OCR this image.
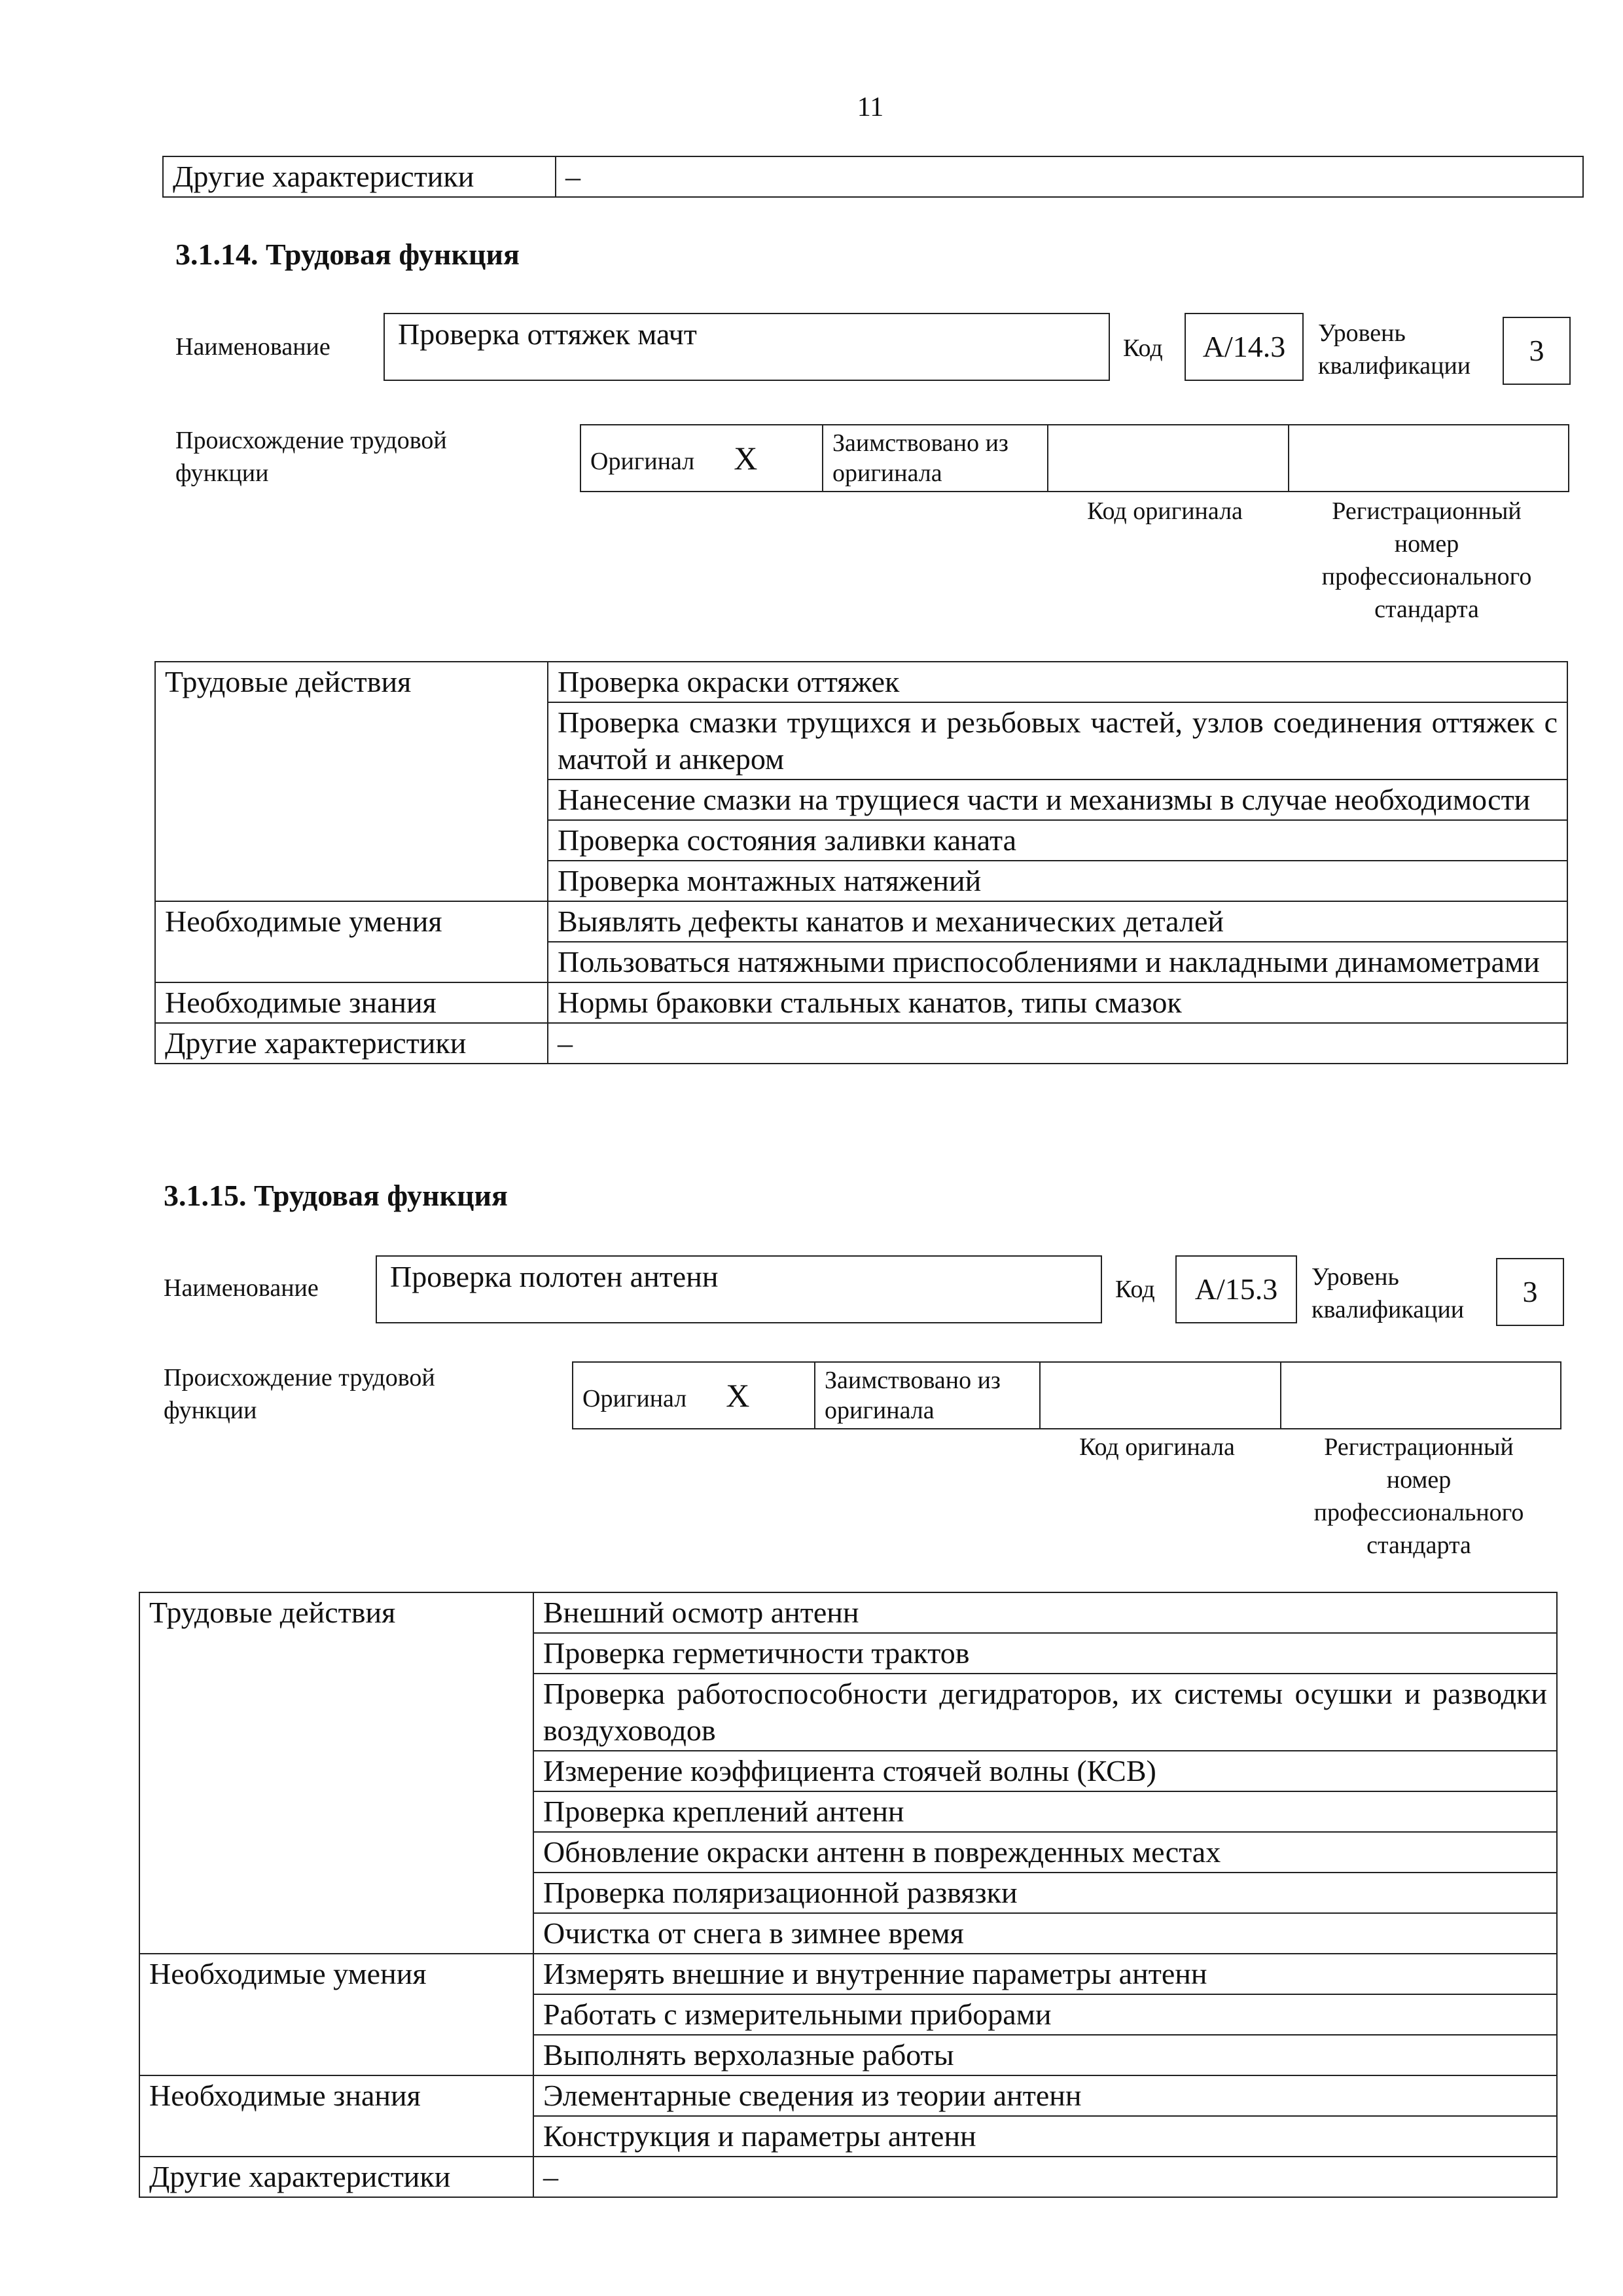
11
Другие характеристики	–
3.1.14. Трудовая функция
Наименование	Проверка оттяжек мачт	Код	А/14.3	Уровень
квалификации	3
Происхождение трудовой
функции	Оригинал X	Заимствовано из
оригинала

Код оригинала	Регистрационный
номер
профессионального
стандарта
Трудовые действия	Проверка окраски оттяжек
	Проверка смазки трущихся и резьбовых частей, узлов соединения оттяжек с мачтой и анкером
	Нанесение смазки на трущиеся части и механизмы в случае необходимости
	Проверка состояния заливки каната
	Проверка монтажных натяжений
Необходимые умения	Выявлять дефекты канатов и механических деталей
	Пользоваться натяжными приспособлениями и накладными динамометрами
Необходимые знания	Нормы браковки стальных канатов, типы смазок
Другие характеристики	–
3.1.15. Трудовая функция
Наименование	Проверка полотен антенн	Код	А/15.3	Уровень
квалификации
3
Происхождение трудовой
функции	Оригинал X	Заимствовано из
оригинала

Код оригинала	Регистрационный
номер
профессионального
стандарта
Трудовые действия	Внешний осмотр антенн
	Проверка герметичности трактов
	Проверка работоспособности дегидраторов, их системы осушки и разводки воздуховодов
	Измерение коэффициента стоячей волны (КСВ)
	Проверка креплений антенн
	Обновление окраски антенн в поврежденных местах
	Проверка поляризационной развязки
	Очистка от снега в зимнее время
Необходимые умения	Измерять внешние и внутренние параметры антенн
	Работать с измерительными приборами
	Выполнять верхолазные работы
Необходимые знания	Элементарные сведения из теории антенн
	Конструкция и параметры антенн
Другие характеристики	–
